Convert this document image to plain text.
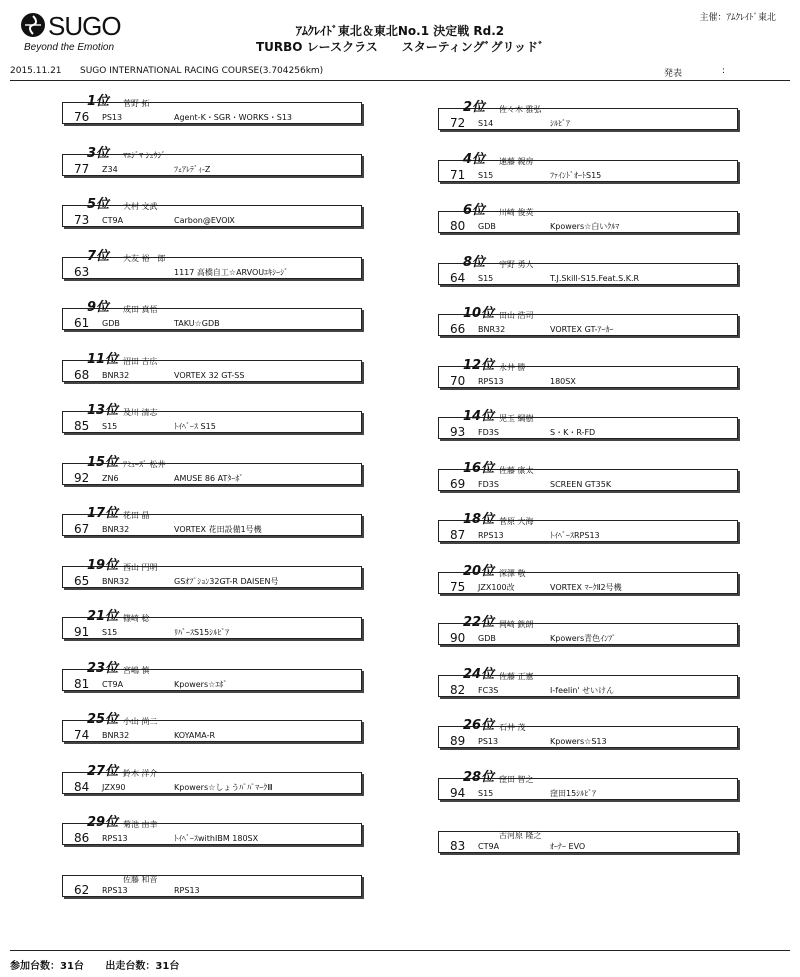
SUGO
Beyond the Emotion
ｱﾑｸﾚｲﾄﾞ東北＆東北No.1 決定戦 Rd.2
TURBO レースクラス　　スターティングﾞグリッドﾞ
主催：ｱﾑｸﾚｲﾄﾞ東北
2015.11.21 SUGO INTERNATIONAL RACING COURSE(3.704256km)	発表	:
1位 菅野 拓
76 PS13	Agent-K・SGR・WORKS・S13
2位 佐々木 雅弘
72 S14	ｼﾙﾋﾞｱ
3位 ﾏｴｼﾞﾏ ｼｭｳｼﾞ
77 Z34	ﾌｪｱﾚﾃﾞｨ-Z
4位 遠藤 親房
71 S15	ﾌｧｲﾝﾄﾞｵｰﾄS15
5位 大村 文武
73 CT9A	Carbon@EVOⅨ
6位 川崎 俊英
80 GDB	Kpowers☆白いｸﾙﾏ
7位 大友 裕一郎
63	1117 高橋自工☆ARVOUｴｷｼｰｼﾞ
8位 宇野 勇人
64 S15	T.J.Skill-S15.Feat.S.K.R
9位 成田 真悟
61 GDB	TAKU☆GDB
10位 田山 浩司
66 BNR32	VORTEX GT-ｱｰｶｰ
11位 沼田 吉広
68 BNR32	VORTEX 32 GT-SS
12位 永井 勝
70 RPS13	180SX
13位 及川 清志
85 S15	ﾄｲﾍﾞｰｽ S15
14位 児玉 綱樹
93 FD3S	S・K・R-FD
15位 ｱﾐｭｰｽﾞ 松井
92 ZN6	AMUSE 86 ATﾀｰﾎﾞ
16位 佐藤 康太
69 FD3S	SCREEN GT35K
17位 花田 晶
67 BNR32	VORTEX 花田設備1号機
18位 菅原 大海
87 RPS13	ﾄｲﾍﾞｰｽRPS13
19位 西山 円明
65 BNR32	GSｵﾌﾟｼｮﾝ32GT-R DAISEN号
20位 深澤 敬
75 JZX100改	VORTEX ﾏｰｸⅡ2号機
21位 篠崎 稔
91 S15	ﾘﾊﾞｰｽS15ｼﾙﾋﾞｱ
22位 岡崎 鉄朗
90 GDB	Kpowers青色ｲﾝﾌﾟ
23位 宮嶋 慎
81 CT9A	Kpowers☆ｴﾎﾞ
24位 佐藤 正憲
82 FC3S	I-feelin' せいけん
25位 小山 尚二
74 BNR32	KOYAMA-R
26位 石井 茂
89 PS13	Kpowers☆S13
27位 鈴木 洋介
84 JZX90	Kpowers☆しょうﾊﾟﾊﾟﾏｰｸⅢ
28位 窪田 智之
94 S15	窪田15ｼﾙﾋﾞｱ
29位 菊池 由幸
86 RPS13	ﾄｲﾍﾞｰｽwithIBM 180SX	古河原 隆之
83 CT9A	ｵｰﾅｰ EVO
佐藤 和音
62 RPS13	RPS13
参加台数：31台 出走台数：31台
